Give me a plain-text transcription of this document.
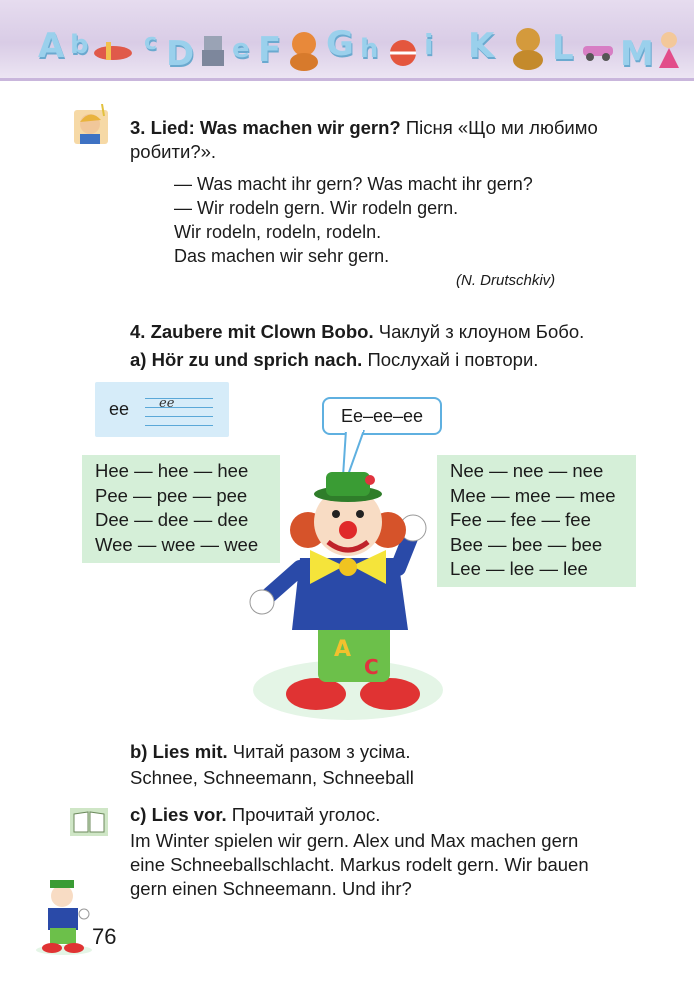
A b	c D e F G h i K L M
3. Lied: Was machen wir gern? Пісня «Що ми любимо
робити?».
— Was macht ihr gern? Was macht ihr gern?
— Wir rodeln gern. Wir rodeln gern.
Wir rodeln, rodeln, rodeln.
Das machen wir sehr gern.
(N. Drutschkiv)
4. Zaubere mit Clown Bobo. Чаклуй з клоуном Бобо.
a) Hör zu und sprich nach. Послухай і повтори.
ee ee
Ee–ee–ee
Hee — hee — hee
Pee — pee — pee
Dee — dee — dee
Wee — wee — wee
Nee — nee — nee
Mee — mee — mee
Fee — fee — fee
Bee — bee — bee
Lee — lee — lee
A
C
b) Lies mit. Читай разом з усіма.
Schnee, Schneemann, Schneeball
c) Lies vor. Прочитай уголос.
Im Winter spielen wir gern. Alex und Max machen gern
eine Schneeballschlacht. Markus rodelt gern. Wir bauen
gern einen Schneemann. Und ihr?
76
